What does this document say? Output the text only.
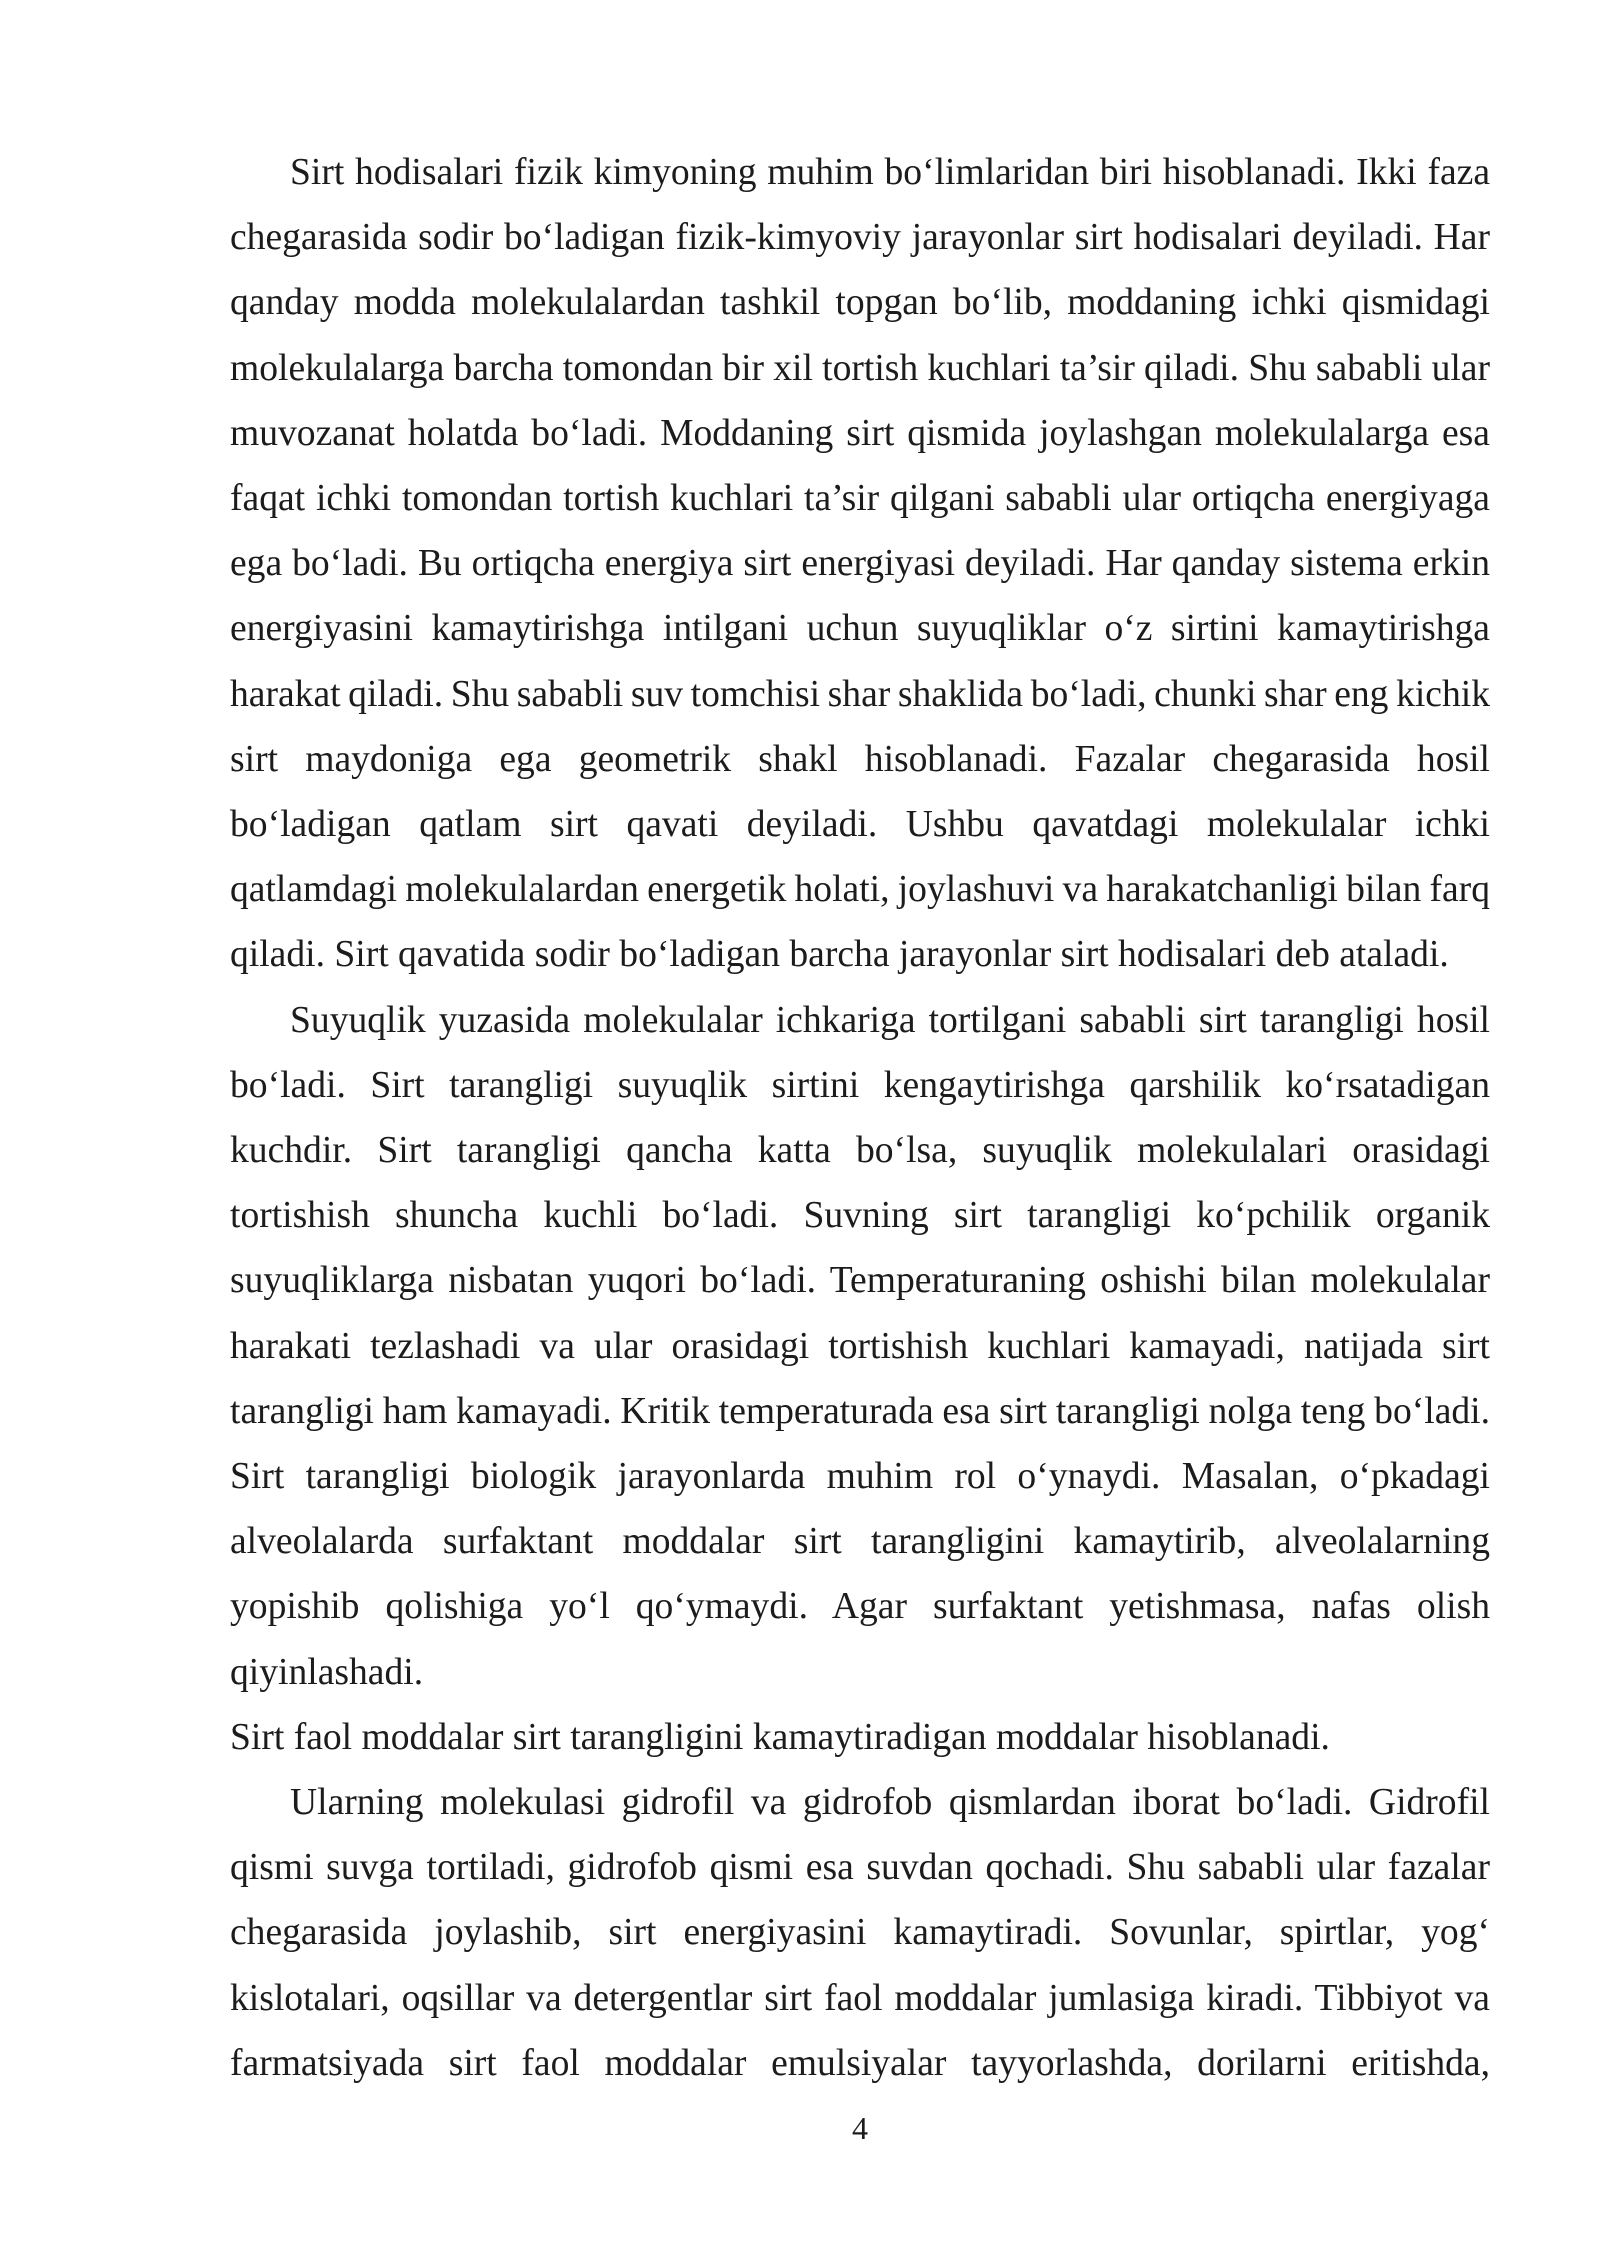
Sirt hodisalari fizik kimyoning muhim bo‘limlaridan biri hisoblanadi. Ikki faza
chegarasida sodir bo‘ladigan fizik-kimyoviy jarayonlar sirt hodisalari deyiladi. Har
qanday modda molekulalardan tashkil topgan bo‘lib, moddaning ichki qismidagi
molekulalarga barcha tomondan bir xil tortish kuchlari ta’sir qiladi. Shu sababli ular
muvozanat holatda bo‘ladi. Moddaning sirt qismida joylashgan molekulalarga esa
faqat ichki tomondan tortish kuchlari ta’sir qilgani sababli ular ortiqcha energiyaga
ega bo‘ladi. Bu ortiqcha energiya sirt energiyasi deyiladi. Har qanday sistema erkin
energiyasini kamaytirishga intilgani uchun suyuqliklar o‘z sirtini kamaytirishga
harakat qiladi. Shu sababli suv tomchisi shar shaklida bo‘ladi, chunki shar eng kichik
sirt maydoniga ega geometrik shakl hisoblanadi. Fazalar chegarasida hosil
bo‘ladigan qatlam sirt qavati deyiladi. Ushbu qavatdagi molekulalar ichki
qatlamdagi molekulalardan energetik holati, joylashuvi va harakatchanligi bilan farq
qiladi. Sirt qavatida sodir bo‘ladigan barcha jarayonlar sirt hodisalari deb ataladi.
Suyuqlik yuzasida molekulalar ichkariga tortilgani sababli sirt tarangligi hosil
bo‘ladi. Sirt tarangligi suyuqlik sirtini kengaytirishga qarshilik ko‘rsatadigan
kuchdir. Sirt tarangligi qancha katta bo‘lsa, suyuqlik molekulalari orasidagi
tortishish shuncha kuchli bo‘ladi. Suvning sirt tarangligi ko‘pchilik organik
suyuqliklarga nisbatan yuqori bo‘ladi. Temperaturaning oshishi bilan molekulalar
harakati tezlashadi va ular orasidagi tortishish kuchlari kamayadi, natijada sirt
tarangligi ham kamayadi. Kritik temperaturada esa sirt tarangligi nolga teng bo‘ladi.
Sirt tarangligi biologik jarayonlarda muhim rol o‘ynaydi. Masalan, o‘pkadagi
alveolalarda surfaktant moddalar sirt tarangligini kamaytirib, alveolalarning
yopishib qolishiga yo‘l qo‘ymaydi. Agar surfaktant yetishmasa, nafas olish
qiyinlashadi.
Sirt faol moddalar sirt tarangligini kamaytiradigan moddalar hisoblanadi.
Ularning molekulasi gidrofil va gidrofob qismlardan iborat bo‘ladi. Gidrofil
qismi suvga tortiladi, gidrofob qismi esa suvdan qochadi. Shu sababli ular fazalar
chegarasida joylashib, sirt energiyasini kamaytiradi. Sovunlar, spirtlar, yog‘
kislotalari, oqsillar va detergentlar sirt faol moddalar jumlasiga kiradi. Tibbiyot va
farmatsiyada sirt faol moddalar emulsiyalar tayyorlashda, dorilarni eritishda,
4
